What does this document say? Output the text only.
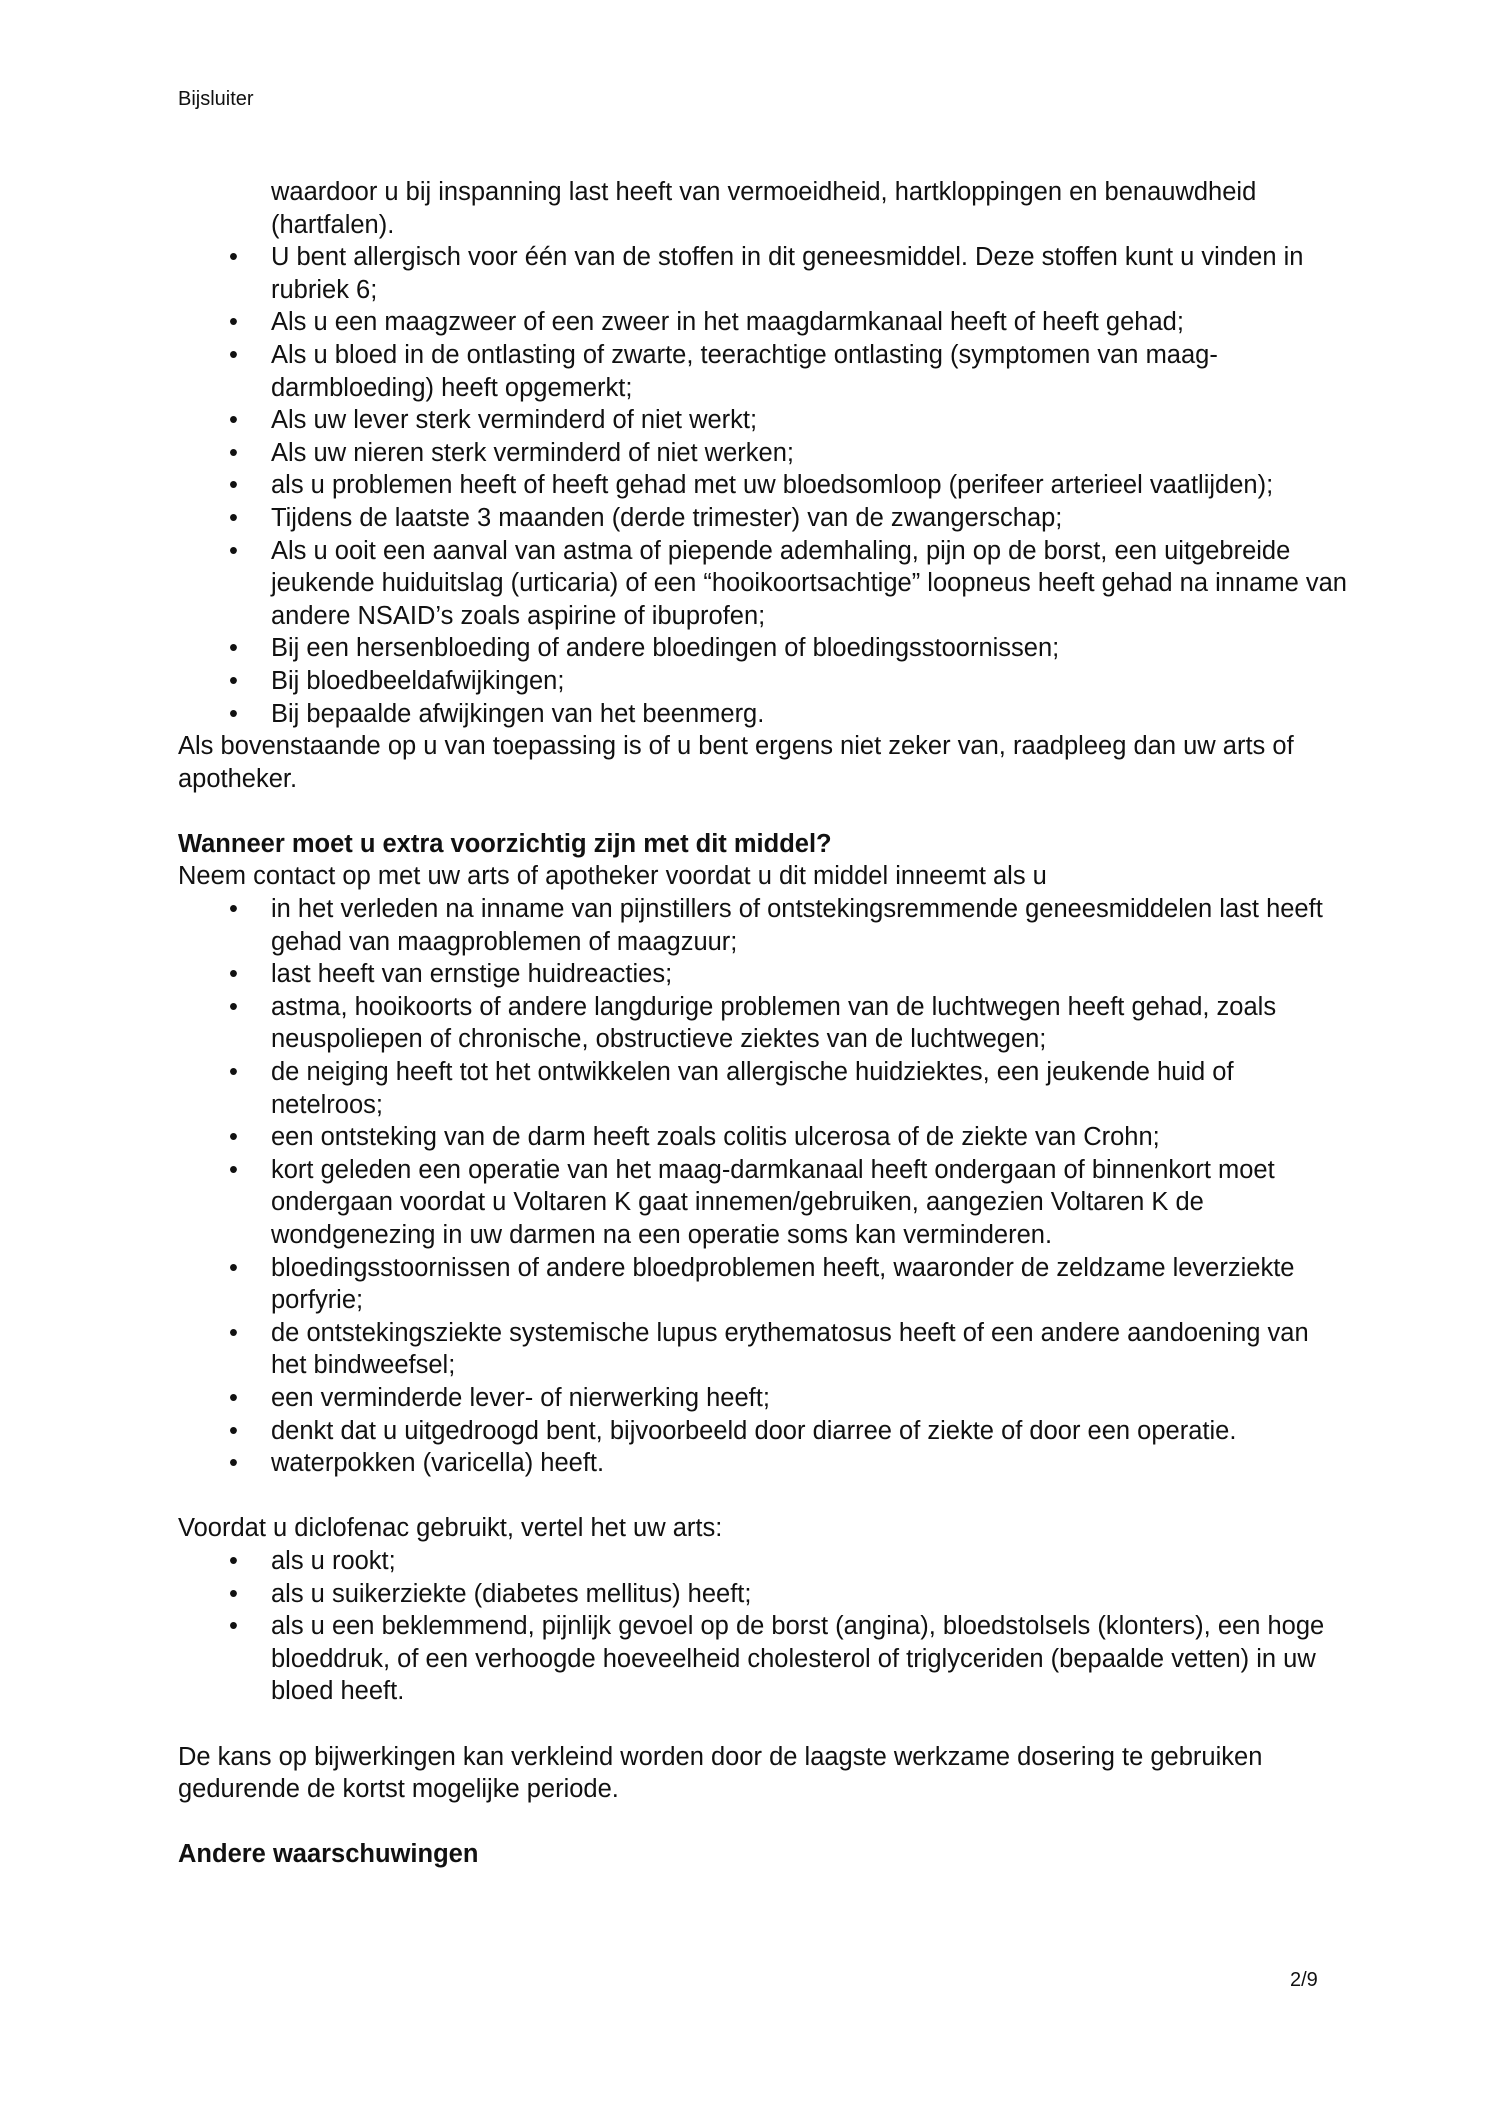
Bijsluiter

waardoor u bij inspanning last heeft van vermoeidheid, hartkloppingen en benauwdheid (hartfalen).

• U bent allergisch voor één van de stoffen in dit geneesmiddel. Deze stoffen kunt u vinden in rubriek 6;
• Als u een maagzweer of een zweer in het maagdarmkanaal heeft of heeft gehad;
• Als u bloed in de ontlasting of zwarte, teerachtige ontlasting (symptomen van maag-darmbloeding) heeft opgemerkt;
• Als uw lever sterk verminderd of niet werkt;
• Als uw nieren sterk verminderd of niet werken;
• als u problemen heeft of heeft gehad met uw bloedsomloop (perifeer arterieel vaatlijden);
• Tijdens de laatste 3 maanden (derde trimester) van de zwangerschap;
• Als u ooit een aanval van astma of piepende ademhaling, pijn op de borst, een uitgebreide jeukende huiduitslag (urticaria) of een “hooikoortsachtige” loopneus heeft gehad na inname van andere NSAID’s zoals aspirine of ibuprofen;
• Bij een hersenbloeding of andere bloedingen of bloedingsstoornissen;
• Bij bloedbeeldafwijkingen;
• Bij bepaalde afwijkingen van het beenmerg.

Als bovenstaande op u van toepassing is of u bent ergens niet zeker van, raadpleeg dan uw arts of apotheker.

Wanneer moet u extra voorzichtig zijn met dit middel?

Neem contact op met uw arts of apotheker voordat u dit middel inneemt als u

• in het verleden na inname van pijnstillers of ontstekingsremmende geneesmiddelen last heeft gehad van maagproblemen of maagzuur;
• last heeft van ernstige huidreacties;
• astma, hooikoorts of andere langdurige problemen van de luchtwegen heeft gehad, zoals neuspoliepen of chronische, obstructieve ziektes van de luchtwegen;
• de neiging heeft tot het ontwikkelen van allergische huidziektes, een jeukende huid of netelroos;
• een ontsteking van de darm heeft zoals colitis ulcerosa of de ziekte van Crohn;
• kort geleden een operatie van het maag-darmkanaal heeft ondergaan of binnenkort moet ondergaan voordat u Voltaren K gaat innemen/gebruiken, aangezien Voltaren K de wondgenezing in uw darmen na een operatie soms kan verminderen.
• bloedingsstoornissen of andere bloedproblemen heeft, waaronder de zeldzame leverziekte porfyrie;
• de ontstekingsziekte systemische lupus erythematosus heeft of een andere aandoening van het bindweefsel;
• een verminderde lever- of nierwerking heeft;
• denkt dat u uitgedroogd bent, bijvoorbeeld door diarree of ziekte of door een operatie.
• waterpokken (varicella) heeft.

Voordat u diclofenac gebruikt, vertel het uw arts:

• als u rookt;
• als u suikerziekte (diabetes mellitus) heeft;
• als u een beklemmend, pijnlijk gevoel op de borst (angina), bloedstolsels (klonters), een hoge bloeddruk, of een verhoogde hoeveelheid cholesterol of triglyceriden (bepaalde vetten) in uw bloed heeft.

De kans op bijwerkingen kan verkleind worden door de laagste werkzame dosering te gebruiken gedurende de kortst mogelijke periode.

Andere waarschuwingen

2/9
